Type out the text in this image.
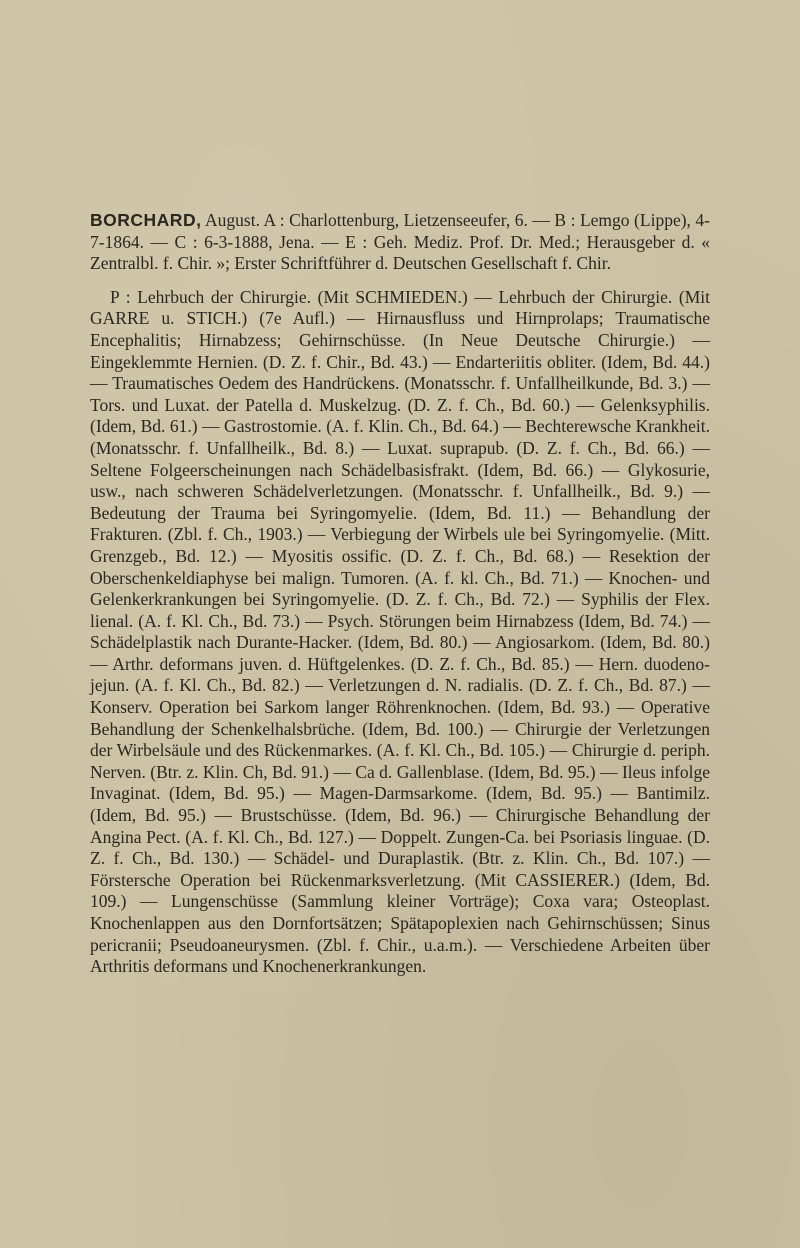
BORCHARD, August. A : Charlottenburg, Lietzenseeufer, 6. — B : Lemgo (Lippe), 4-7-1864. — C : 6-3-1888, Jena. — E : Geh. Mediz. Prof. Dr. Med.; Herausgeber d. « Zentralbl. f. Chir. »; Erster Schriftführer d. Deutschen Gesellschaft f. Chir.

P : Lehrbuch der Chirurgie. (Mit SCHMIEDEN.) — Lehrbuch der Chirurgie. (Mit GARRE u. STICH.) (7e Aufl.) — Hirnausfluss und Hirnprolaps; Traumatische Encephalitis; Hirnabzess; Gehirnschüsse. (In Neue Deutsche Chirurgie.) — Eingeklemmte Hernien. (D. Z. f. Chir., Bd. 43.) — Endarteriitis obliter. (Idem, Bd. 44.) — Traumatisches Oedem des Handrückens. (Monatsschr. f. Unfallheilkunde, Bd. 3.) — Tors. und Luxat. der Patella d. Muskelzug. (D. Z. f. Ch., Bd. 60.) — Gelenksyphilis. (Idem, Bd. 61.) — Gastrostomie. (A. f. Klin. Ch., Bd. 64.) — Bechterewsche Krankheit. (Monatsschr. f. Unfallheilk., Bd. 8.) — Luxat. suprapub. (D. Z. f. Ch., Bd. 66.) — Seltene Folgeerscheinungen nach Schädelbasisfrakt. (Idem, Bd. 66.) — Glykosurie, usw., nach schweren Schädelverletzungen. (Monatsschr. f. Unfallheilk., Bd. 9.) — Bedeutung der Trauma bei Syringomyelie. (Idem, Bd. 11.) — Behandlung der Frakturen. (Zbl. f. Ch., 1903.) — Verbiegung der Wirbels ule bei Syringomyelie. (Mitt. Grenzgeb., Bd. 12.) — Myositis ossific. (D. Z. f. Ch., Bd. 68.) — Resektion der Oberschenkeldiaphyse bei malign. Tumoren. (A. f. kl. Ch., Bd. 71.) — Knochen- und Gelenkerkrankungen bei Syringomyelie. (D. Z. f. Ch., Bd. 72.) — Syphilis der Flex. lienal. (A. f. Kl. Ch., Bd. 73.) — Psych. Störungen beim Hirnabzess (Idem, Bd. 74.) — Schädelplastik nach Durante-Hacker. (Idem, Bd. 80.) — Angiosarkom. (Idem, Bd. 80.) — Arthr. deformans juven. d. Hüftgelenkes. (D. Z. f. Ch., Bd. 85.) — Hern. duodeno-jejun. (A. f. Kl. Ch., Bd. 82.) — Verletzungen d. N. radialis. (D. Z. f. Ch., Bd. 87.) — Konserv. Operation bei Sarkom langer Röhrenknochen. (Idem, Bd. 93.) — Operative Behandlung der Schenkelhalsbrüche. (Idem, Bd. 100.) — Chirurgie der Verletzungen der Wirbelsäule und des Rückenmarkes. (A. f. Kl. Ch., Bd. 105.) — Chirurgie d. periph. Nerven. (Btr. z. Klin. Ch, Bd. 91.) — Ca d. Gallenblase. (Idem, Bd. 95.) — Ileus infolge Invaginat. (Idem, Bd. 95.) — Magen-Darmsarkome. (Idem, Bd. 95.) — Bantimilz. (Idem, Bd. 95.) — Brustschüsse. (Idem, Bd. 96.) — Chirurgische Behandlung der Angina Pect. (A. f. Kl. Ch., Bd. 127.) — Doppelt. Zungen-Ca. bei Psoriasis linguae. (D. Z. f. Ch., Bd. 130.) — Schädel- und Duraplastik. (Btr. z. Klin. Ch., Bd. 107.) — Förstersche Operation bei Rückenmarksverletzung. (Mit CASSIERER.) (Idem, Bd. 109.) — Lungenschüsse (Sammlung kleiner Vorträge); Coxa vara; Osteoplast. Knochenlappen aus den Dornfortsätzen; Spätapoplexien nach Gehirnschüssen; Sinus pericranii; Pseudoaneurysmen. (Zbl. f. Chir., u.a.m.). — Verschiedene Arbeiten über Arthritis deformans und Knochenerkrankungen.
